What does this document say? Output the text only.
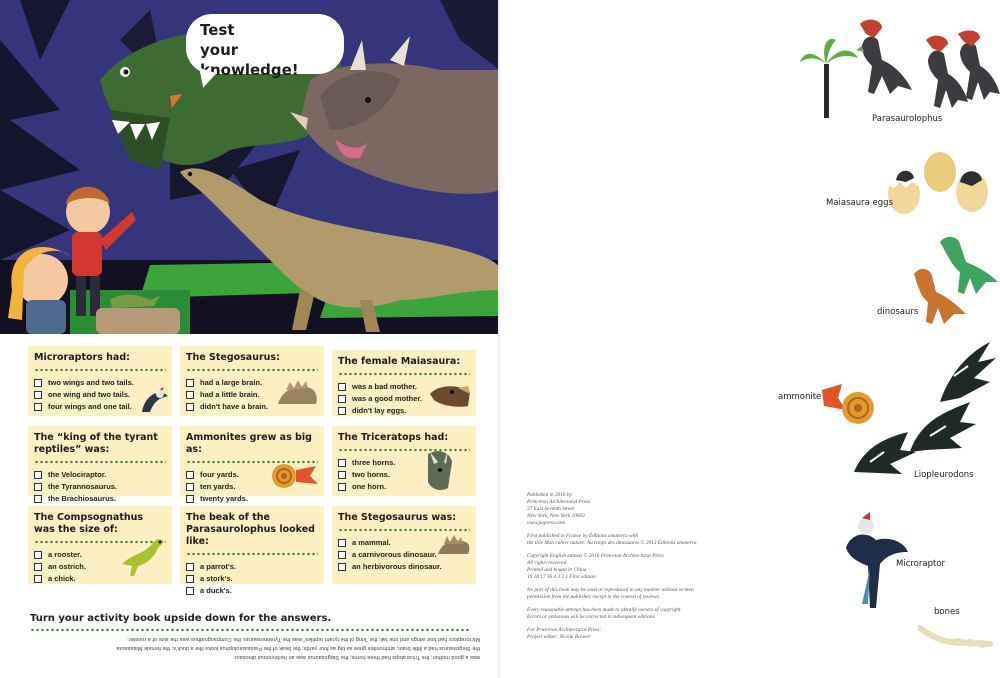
Test
your knowledge!
Microraptors had:
two wings and two tails.
one wing and two tails.
four wings and one tail.
The Stegosaurus:
had a large brain.
had a little brain.
didn't have a brain.
The female Maiasaura:
was a bad mother.
was a good mother.
didn't lay eggs.
The “king of the tyrant reptiles” was:
the Velociraptor.
the Tyrannosaurus.
the Brachiosaurus.
Ammonites grew as big as:
four yards.
ten yards.
twenty yards.
The Triceratops had:
three horns.
two horns.
one horn.
The Compsognathus was the size of:
a rooster.
an ostrich.
a chick.
The beak of the Parasaurolophus looked like:
a parrot's.
a stork's.
a duck's.
The Stegosaurus was:
a mammal.
a carnivorous dinosaur.
an herbivorous dinosaur.
Turn your activity book upside down for the answers.
was a good mother; the Triceratops had three horns; the Stegosaurus was an herbivorous dinosaur.
the Stegosaurus had a little brain; ammonites grew as big as four yards; the beak of the Parasaurolophus looks like a duck's; the female Maiasaura
Microraptors had four wings and one tail; the “king of the tyrant reptiles” was the Tyrannosaurus; the Compsognathus was the size of a rooster;

Published in 2016 by
Princeton Architectural Press
37 East Seventh Street
New York, New York 10003
www.papress.com

First published in France by Éditions amaterra with
the title Mon cahier nature: Au temps des dinosaures © 2013 Éditions amaterra

Copyright English edition © 2016 Princeton Architectural Press
All rights reserved
Printed and bound in China
19 18 17 16 4 3 2 1 First edition

No part of this book may be used or reproduced in any manner without written
permission from the publisher, except in the context of reviews.

Every reasonable attempt has been made to identify owners of copyright.
Errors or omissions will be corrected in subsequent editions.

For Princeton Architectural Press:
Project editor: Nicola Brower

Parasaurolophus
Maiasaura eggs
dinosaurs
ammonite
Liopleurodons
Microraptor
bones
